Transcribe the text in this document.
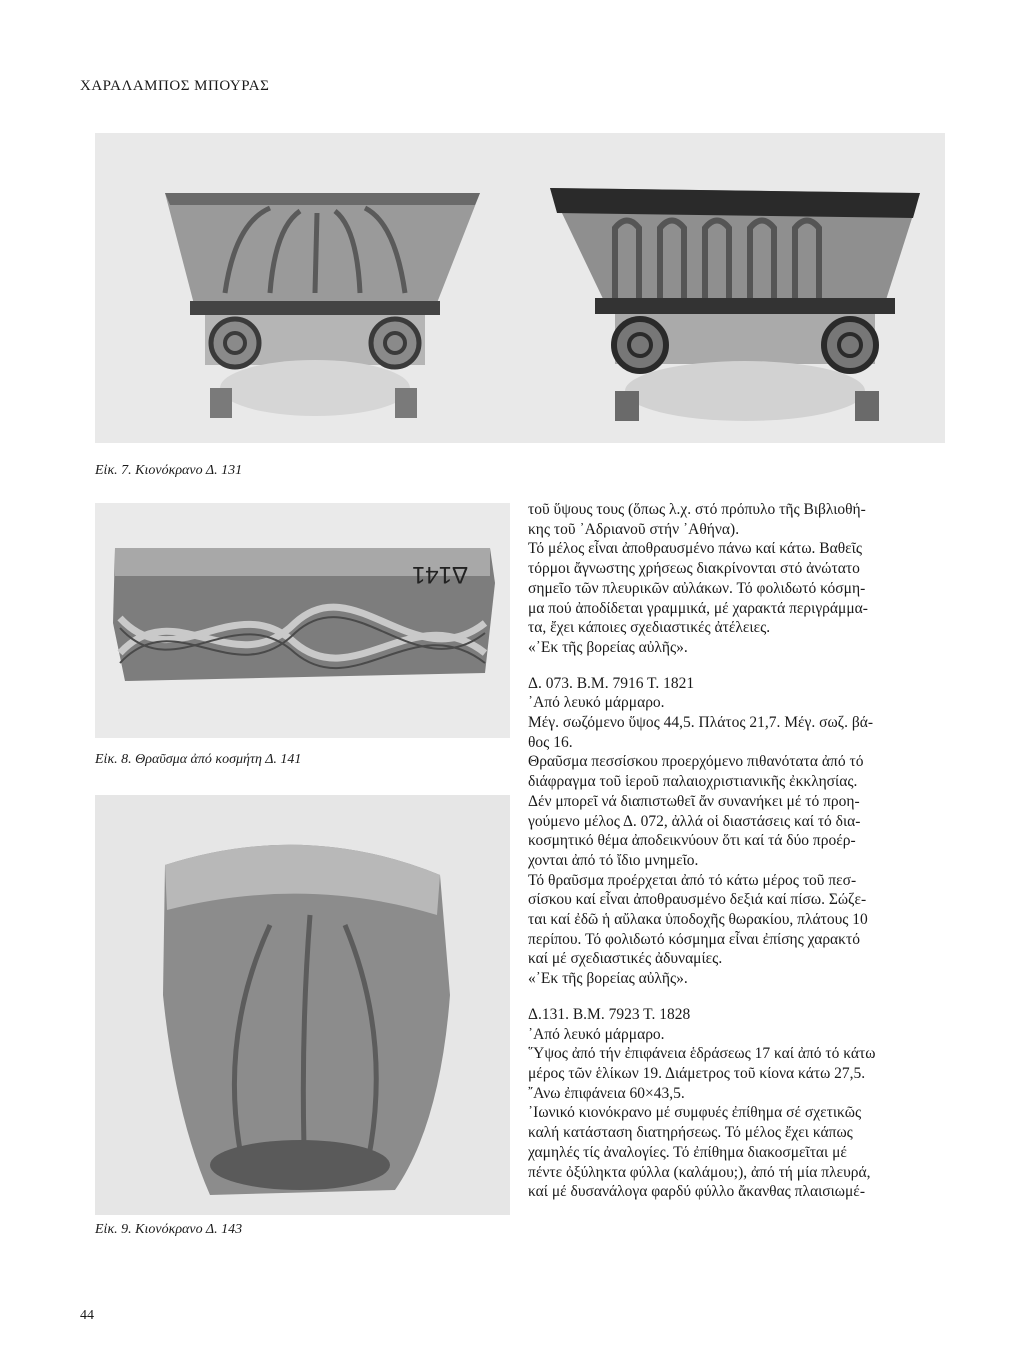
ΧΑΡΑΛΑΜΠΟΣ ΜΠΟΥΡΑΣ
Εἰκ. 7. Κιονόκρανο Δ. 131
Δ141
Εἰκ. 8. Θραῦσμα ἀπό κοσμήτη Δ. 141
Εἰκ. 9. Κιονόκρανο Δ. 143

τοῦ ὕψους τους (ὅπως λ.χ. στό πρόπυλο τῆς Βιβλιοθή-

κης τοῦ ᾿Αδριανοῦ στήν ᾿Αθήνα).

Τό μέλος εἶναι ἀποθραυσμένο πάνω καί κάτω. Βαθεῖς

τόρμοι ἄγνωστης χρήσεως διακρίνονται στό ἀνώτατο

σημεῖο τῶν πλευρικῶν αὐλάκων. Τό φολιδωτό κόσμη-

μα πού ἀποδίδεται γραμμικά, μέ χαρακτά περιγράμμα-

τα, ἔχει κάποιες σχεδιαστικές ἀτέλειες.

«᾿Εκ τῆς βορείας αὐλῆς».

Δ. 073. Β.Μ. 7916 Τ. 1821

᾿Από λευκό μάρμαρο.

Μέγ. σωζόμενο ὕψος 44,5. Πλάτος 21,7. Μέγ. σωζ. βά-

θος 16.

Θραῦσμα πεσσίσκου προερχόμενο πιθανότατα ἀπό τό

διάφραγμα τοῦ ἱεροῦ παλαιοχριστιανικῆς ἐκκλησίας.

Δέν μπορεῖ νά διαπιστωθεῖ ἄν συνανήκει μέ τό προη-

γούμενο μέλος Δ. 072, ἀλλά οἱ διαστάσεις καί τό δια-

κοσμητικό θέμα ἀποδεικνύουν ὅτι καί τά δύο προέρ-

χονται ἀπό τό ἴδιο μνημεῖο.

Τό θραῦσμα προέρχεται ἀπό τό κάτω μέρος τοῦ πεσ-

σίσκου καί εἶναι ἀποθραυσμένο δεξιά καί πίσω. Σώζε-

ται καί ἐδῶ ἡ αὔλακα ὑποδοχῆς θωρακίου, πλάτους 10

περίπου. Τό φολιδωτό κόσμημα εἶναι ἐπίσης χαρακτό

καί μέ σχεδιαστικές ἀδυναμίες.

«᾿Εκ τῆς βορείας αὐλῆς».

Δ.131. Β.Μ. 7923 Τ. 1828

᾿Από λευκό μάρμαρο.

῞Υψος ἀπό τήν ἐπιφάνεια ἑδράσεως 17 καί ἀπό τό κάτω

μέρος τῶν ἑλίκων 19. Διάμετρος τοῦ κίονα κάτω 27,5.

῎Ανω ἐπιφάνεια 60×43,5.

᾿Ιωνικό κιονόκρανο μέ συμφυές ἐπίθημα σέ σχετικῶς

καλή κατάσταση διατηρήσεως. Τό μέλος ἔχει κάπως

χαμηλές τίς ἀναλογίες. Τό ἐπίθημα διακοσμεῖται μέ

πέντε ὀξύληκτα φύλλα (καλάμου;), ἀπό τή μία πλευρά,

καί μέ δυσανάλογα φαρδύ φύλλο ἄκανθας πλαισιωμέ-

44
